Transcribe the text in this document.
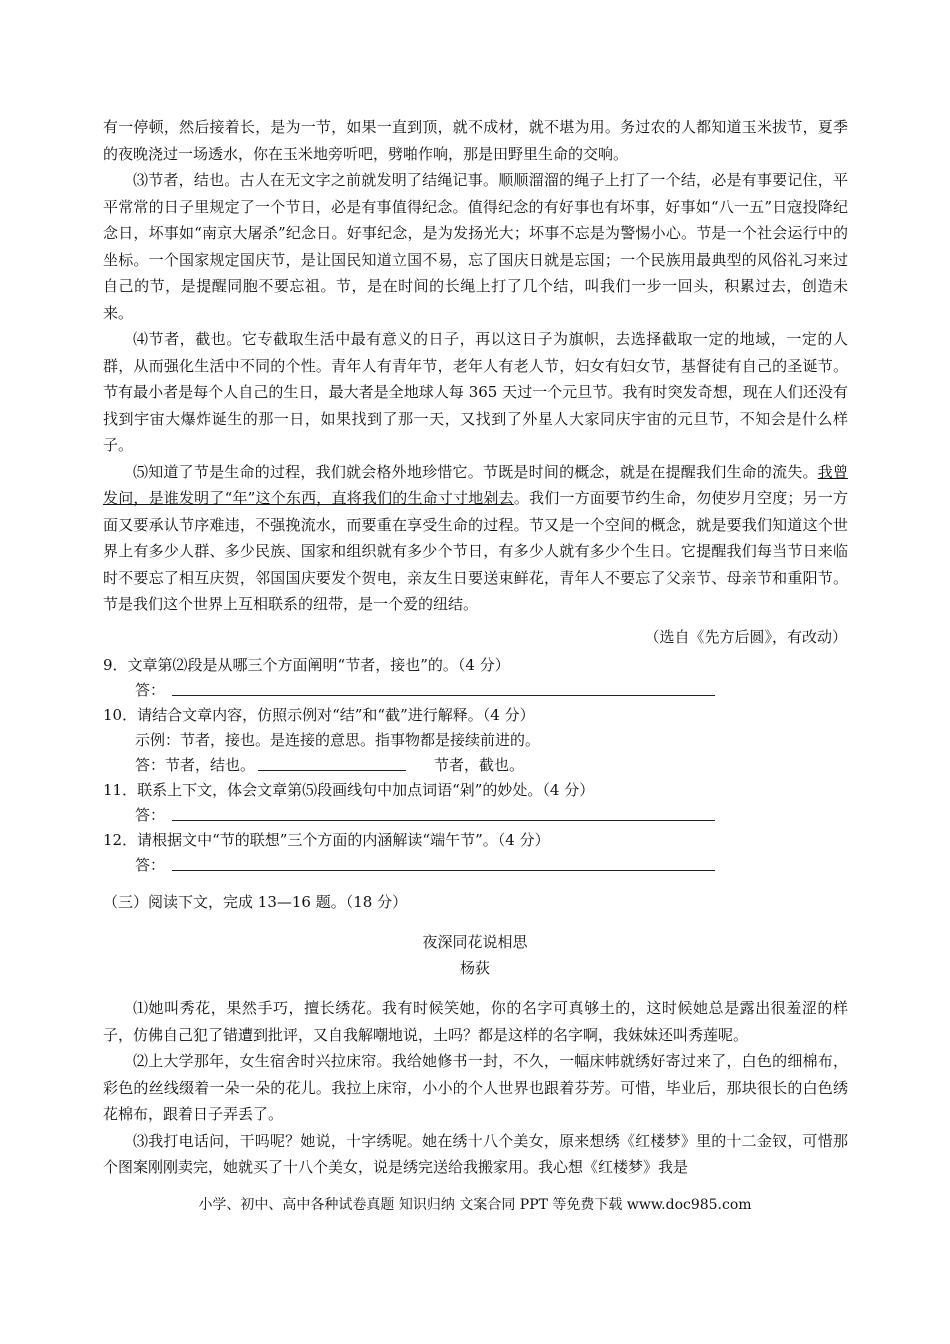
有一停顿，然后接着长，是为一节，如果一直到顶，就不成材，就不堪为用。务过农的人都知道玉米拔节，夏季的夜晚浇过一场透水，你在玉米地旁听吧，劈啪作响，那是田野里生命的交响。

⑶节者，结也。古人在无文字之前就发明了结绳记事。顺顺溜溜的绳子上打了一个结，必是有事要记住，平平常常的日子里规定了一个节日，必是有事值得纪念。值得纪念的有好事也有坏事，好事如“八一五”日寇投降纪念日，坏事如“南京大屠杀”纪念日。好事纪念，是为发扬光大；坏事不忘是为警惕小心。节是一个社会运行中的坐标。一个国家规定国庆节，是让国民知道立国不易，忘了国庆日就是忘国；一个民族用最典型的风俗礼习来过自己的节，是提醒同胞不要忘祖。节，是在时间的长绳上打了几个结，叫我们一步一回头，积累过去，创造未来。

⑷节者，截也。它专截取生活中最有意义的日子，再以这日子为旗帜，去选择截取一定的地域，一定的人群，从而强化生活中不同的个性。青年人有青年节，老年人有老人节，妇女有妇女节，基督徒有自己的圣诞节。节有最小者是每个人自己的生日，最大者是全地球人每 365 天过一个元旦节。我有时突发奇想，现在人们还没有找到宇宙大爆炸诞生的那一日，如果找到了那一天，又找到了外星人大家同庆宇宙的元旦节，不知会是什么样子。

⑸知道了节是生命的过程，我们就会格外地珍惜它。节既是时间的概念，就是在提醒我们生命的流失。我曾发问，是谁发明了“年”这个东西，直将我们的生命寸寸地剁去。我们一方面要节约生命，勿使岁月空度；另一方面又要承认节序难违，不强挽流水，而要重在享受生命的过程。节又是一个空间的概念，就是要我们知道这个世界上有多少人群、多少民族、国家和组织就有多少个节日，有多少人就有多少个生日。它提醒我们每当节日来临时不要忘了相互庆贺，邻国国庆要发个贺电，亲友生日要送束鲜花，青年人不要忘了父亲节、母亲节和重阳节。节是我们这个世界上互相联系的纽带，是一个爱的纽结。

（选自《先方后圆》，有改动）
9．文章第⑵段是从哪三个方面阐明“节者，接也”的。（4 分）
答：
10．请结合文章内容，仿照示例对“结”和“截”进行解释。（4 分）
示例：节者，接也。是连接的意思。指事物都是接续前进的。
答：节者，结也。	节者，截也。
11．联系上下文，体会文章第⑸段画线句中加点词语“剁”的妙处。（4 分）
答：
12．请根据文中“节的联想”三个方面的内涵解读“端午节”。（4 分）
答：
（三）阅读下文，完成 13—16 题。（18 分）
夜深同花说相思
杨荻

⑴她叫秀花，果然手巧，擅长绣花。我有时候笑她，你的名字可真够土的，这时候她总是露出很羞涩的样子，仿佛自己犯了错遭到批评，又自我解嘲地说，土吗？都是这样的名字啊，我妹妹还叫秀莲呢。

⑵上大学那年，女生宿舍时兴拉床帘。我给她修书一封，不久，一幅床帏就绣好寄过来了，白色的细棉布，彩色的丝线缀着一朵一朵的花儿。我拉上床帘，小小的个人世界也跟着芬芳。可惜，毕业后，那块很长的白色绣花棉布，跟着日子弄丢了。

⑶我打电话问，干吗呢？她说，十字绣呢。她在绣十八个美女，原来想绣《红楼梦》里的十二金钗，可惜那个图案刚刚卖完，她就买了十八个美女，说是绣完送给我搬家用。我心想《红楼梦》我是

小学、初中、高中各种试卷真题 知识归纳 文案合同 PPT 等免费下载 www.doc985.com
